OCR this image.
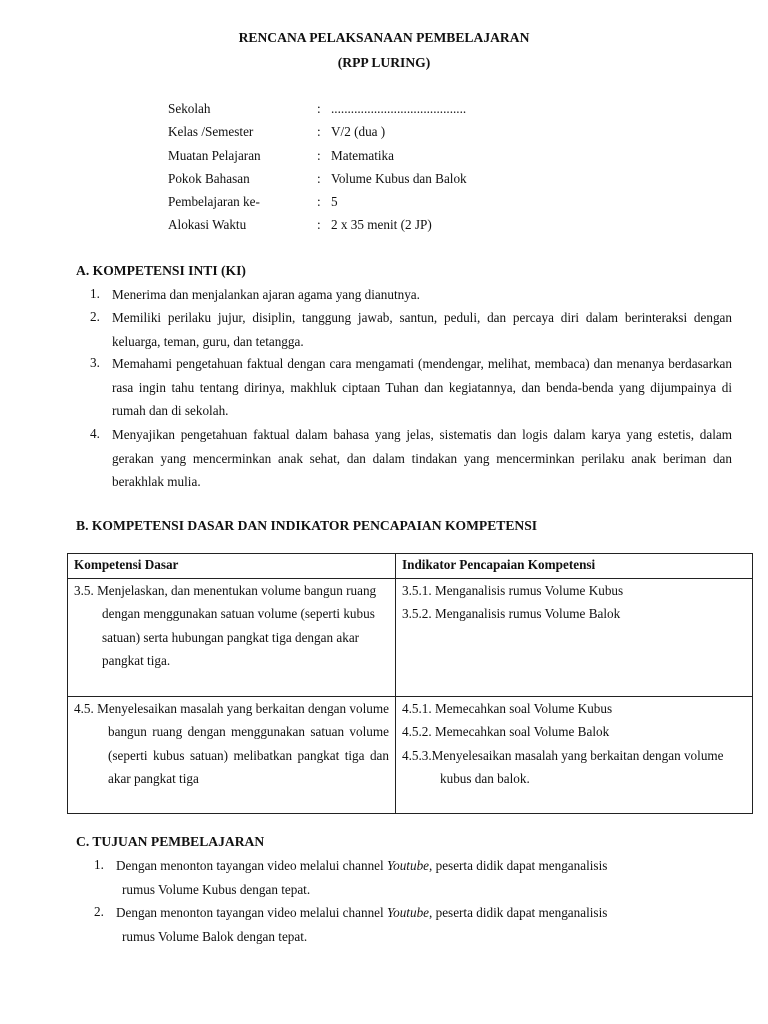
RENCANA PELAKSANAAN PEMBELAJARAN
(RPP LURING)
Sekolah	: .........................................
Kelas /Semester	: V/2 (dua )
Muatan Pelajaran	: Matematika
Pokok Bahasan	: Volume Kubus dan Balok
Pembelajaran ke-	: 5
Alokasi Waktu	: 2 x 35 menit (2 JP)
A. KOMPETENSI INTI (KI)
1. Menerima dan menjalankan ajaran agama yang dianutnya.
2. Memiliki perilaku jujur, disiplin, tanggung jawab, santun, peduli, dan percaya diri dalam berinteraksi dengan keluarga, teman, guru, dan tetangga.
3. Memahami pengetahuan faktual dengan cara mengamati (mendengar, melihat, membaca) dan menanya berdasarkan rasa ingin tahu tentang dirinya, makhluk ciptaan Tuhan dan kegiatannya, dan benda-benda yang dijumpainya di rumah dan di sekolah.
4. Menyajikan pengetahuan faktual dalam bahasa yang jelas, sistematis dan logis dalam karya yang estetis, dalam gerakan yang mencerminkan anak sehat, dan dalam tindakan yang mencerminkan perilaku anak beriman dan berakhlak mulia.
B. KOMPETENSI DASAR DAN INDIKATOR PENCAPAIAN KOMPETENSI
Kompetensi Dasar	Indikator Pencapaian Kompetensi

3.5. Menjelaskan, dan menentukan volume bangun ruang dengan menggunakan satuan volume (seperti kubus satuan) serta hubungan pangkat tiga dengan akar pangkat tiga.	3.5.1. Menganalisis rumus Volume Kubus
3.5.2. Menganalisis rumus Volume Balok

4.5. Menyelesaikan masalah yang berkaitan dengan volume bangun ruang dengan menggunakan satuan volume (seperti kubus satuan) melibatkan pangkat tiga dan akar pangkat tiga	4.5.1. Memecahkan soal Volume Kubus
4.5.2. Memecahkan soal Volume Balok
4.5.3.Menyelesaikan masalah yang berkaitan dengan volume kubus dan balok.
C. TUJUAN PEMBELAJARAN
1. Dengan menonton tayangan video melalui channel Youtube, peserta didik dapat menganalisis
rumus Volume Kubus dengan tepat.
2. Dengan menonton tayangan video melalui channel Youtube, peserta didik dapat menganalisis
rumus Volume Balok dengan tepat.
